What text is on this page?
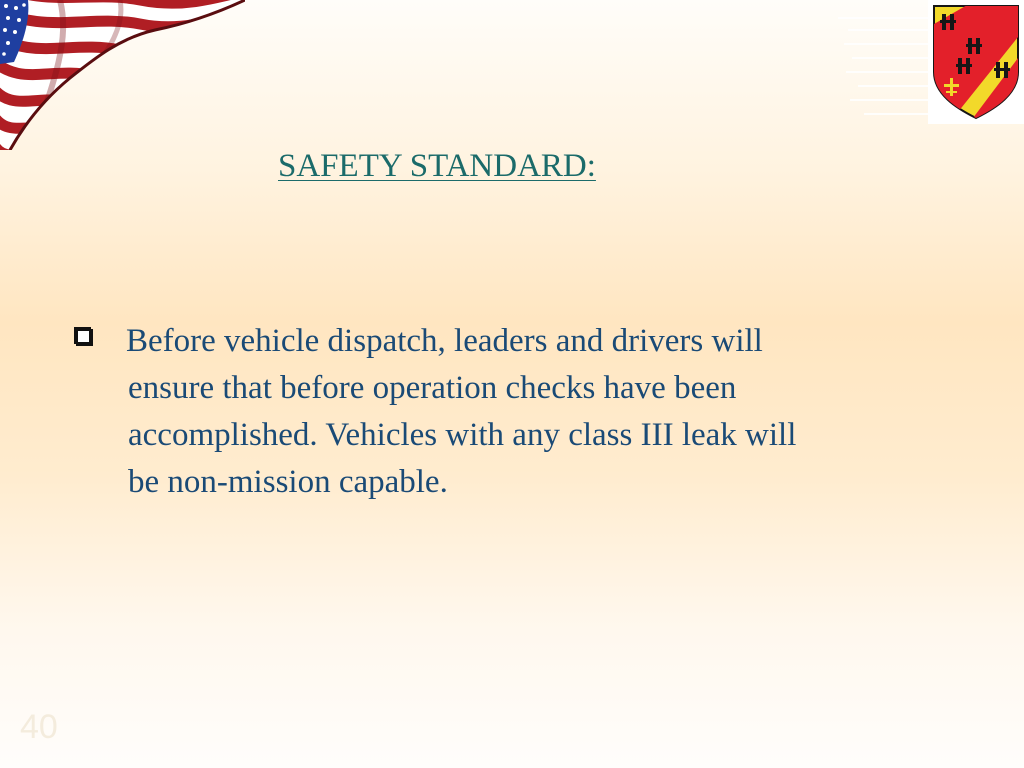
SAFETY STANDARD:

Before vehicle dispatch, leaders and drivers will
ensure that before operation checks have been
accomplished. Vehicles with any class III leak will
be non-mission capable.

40
